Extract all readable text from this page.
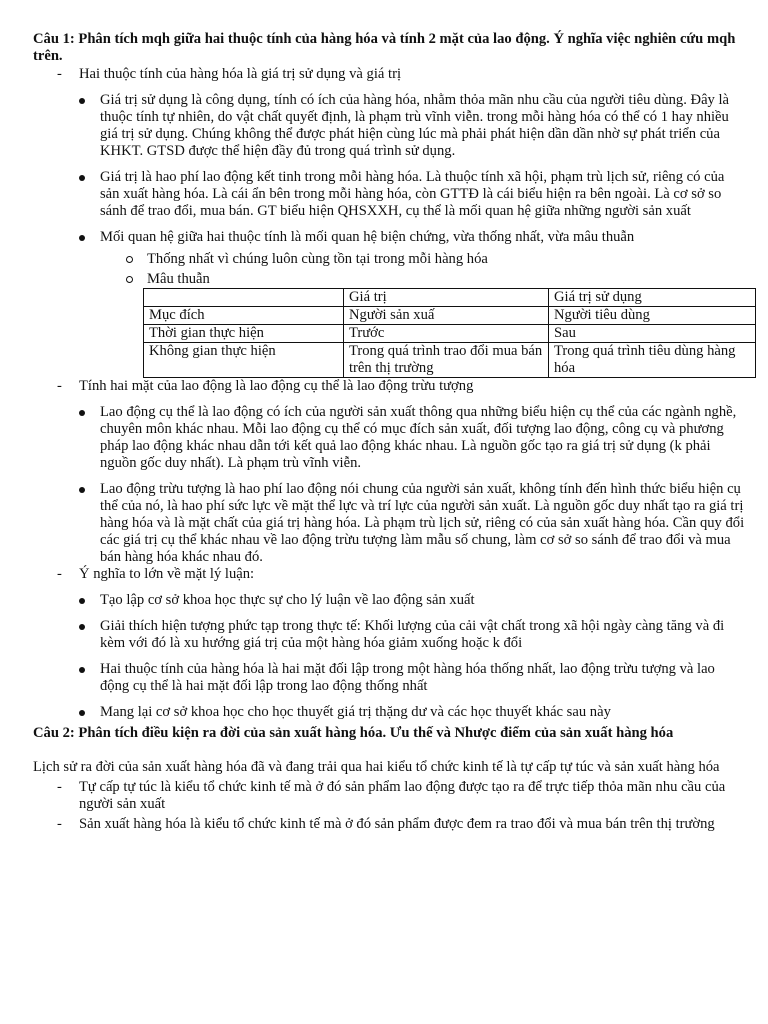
Câu 1: Phân tích mqh giữa hai thuộc tính của hàng hóa và tính 2 mặt của lao động. Ý nghĩa việc nghiên cứu mqh trên.

- Hai thuộc tính của hàng hóa là giá trị sử dụng và giá trị
Giá trị sử dụng là công dụng, tính có ích của hàng hóa, nhằm thỏa mãn nhu cầu của người tiêu dùng. Đây là thuộc tính tự nhiên, do vật chất quyết định, là phạm trù vĩnh viễn. trong mỗi hàng hóa có thể có 1 hay nhiều giá trị sử dụng. Chúng không thể được phát hiện cùng lúc mà phải phát hiện dần dần nhờ sự phát triển của KHKT. GTSD được thể hiện đầy đủ trong quá trình sử dụng.
Giá trị là hao phí lao động kết tinh trong mỗi hàng hóa. Là thuộc tính xã hội, phạm trù lịch sử, riêng có của sản xuất hàng hóa. Là cái ẩn bên trong mỗi hàng hóa, còn GTTĐ là cái biểu hiện ra bên ngoài. Là cơ sở so sánh để trao đổi, mua bán. GT biểu hiện QHSXXH, cụ thể là mối quan hệ giữa những người sản xuất
Mối quan hệ giữa hai thuộc tính là mối quan hệ biện chứng, vừa thống nhất, vừa mâu thuẫn
Thống nhất vì chúng luôn cùng tồn tại trong mỗi hàng hóa
Mâu thuẫn
	Giá trị	Giá trị sử dụng
Mục đích	Người sản xuấ	Người tiêu dùng
Thời gian thực hiện	Trước	Sau
Không gian thực hiện	Trong quá trình trao đổi mua bán trên thị trường	Trong quá trình tiêu dùng hàng hóa
- Tính hai mặt của lao động là lao động cụ thể là lao động trừu tượng
Lao động cụ thể là lao động có ích của người sản xuất thông qua những biểu hiện cụ thể của các ngành nghề, chuyên môn khác nhau. Mỗi lao động cụ thể có mục đích sản xuất, đối tượng lao động, công cụ và phương pháp lao động khác nhau dẫn tới kết quả lao động khác nhau. Là nguồn gốc tạo ra giá trị sử dụng (k phải nguồn gốc duy nhất). Là phạm trù vĩnh viễn.
Lao động trừu tượng là hao phí lao động nói chung của người sản xuất, không tính đến hình thức biểu hiện cụ thể của nó, là hao phí sức lực về mặt thể lực và trí lực của người sản xuất. Là nguồn gốc duy nhất tạo ra giá trị hàng hóa và là mặt chất của giá trị hàng hóa. Là phạm trù lịch sử, riêng có của sản xuất hàng hóa. Cần quy đổi các giá trị cụ thể khác nhau về lao động trừu tượng làm mẫu số chung, làm cơ sở so sánh để trao đổi và mua bán hàng hóa khác nhau đó.
- Ý nghĩa to lớn về mặt lý luận:
Tạo lập cơ sở khoa học thực sự cho lý luận về lao động sản xuất
Giải thích hiện tượng phức tạp trong thực tế: Khối lượng của cải vật chất trong xã hội ngày càng tăng và đi kèm với đó là xu hướng giá trị của một hàng hóa giảm xuống hoặc k đổi
Hai thuộc tính của hàng hóa là hai mặt đối lập trong một hàng hóa thống nhất, lao động trừu tượng và lao động cụ thể là hai mặt đối lập trong lao động thống nhất
Mang lại cơ sở khoa học cho học thuyết giá trị thặng dư và các học thuyết khác sau này

Câu 2: Phân tích điều kiện ra đời của sản xuất hàng hóa. Ưu thế và Nhược điểm của sản xuất hàng hóa

Lịch sử ra đời của sản xuất hàng hóa đã và đang trải qua hai kiểu tổ chức kinh tế là tự cấp tự túc và sản xuất hàng hóa

- Tự cấp tự túc là kiểu tổ chức kinh tế mà ở đó sản phẩm lao động được tạo ra để trực tiếp thỏa mãn nhu cầu của người sản xuất
- Sản xuất hàng hóa là kiểu tổ chức kinh tế mà ở đó sản phẩm được đem ra trao đổi và mua bán trên thị trường
